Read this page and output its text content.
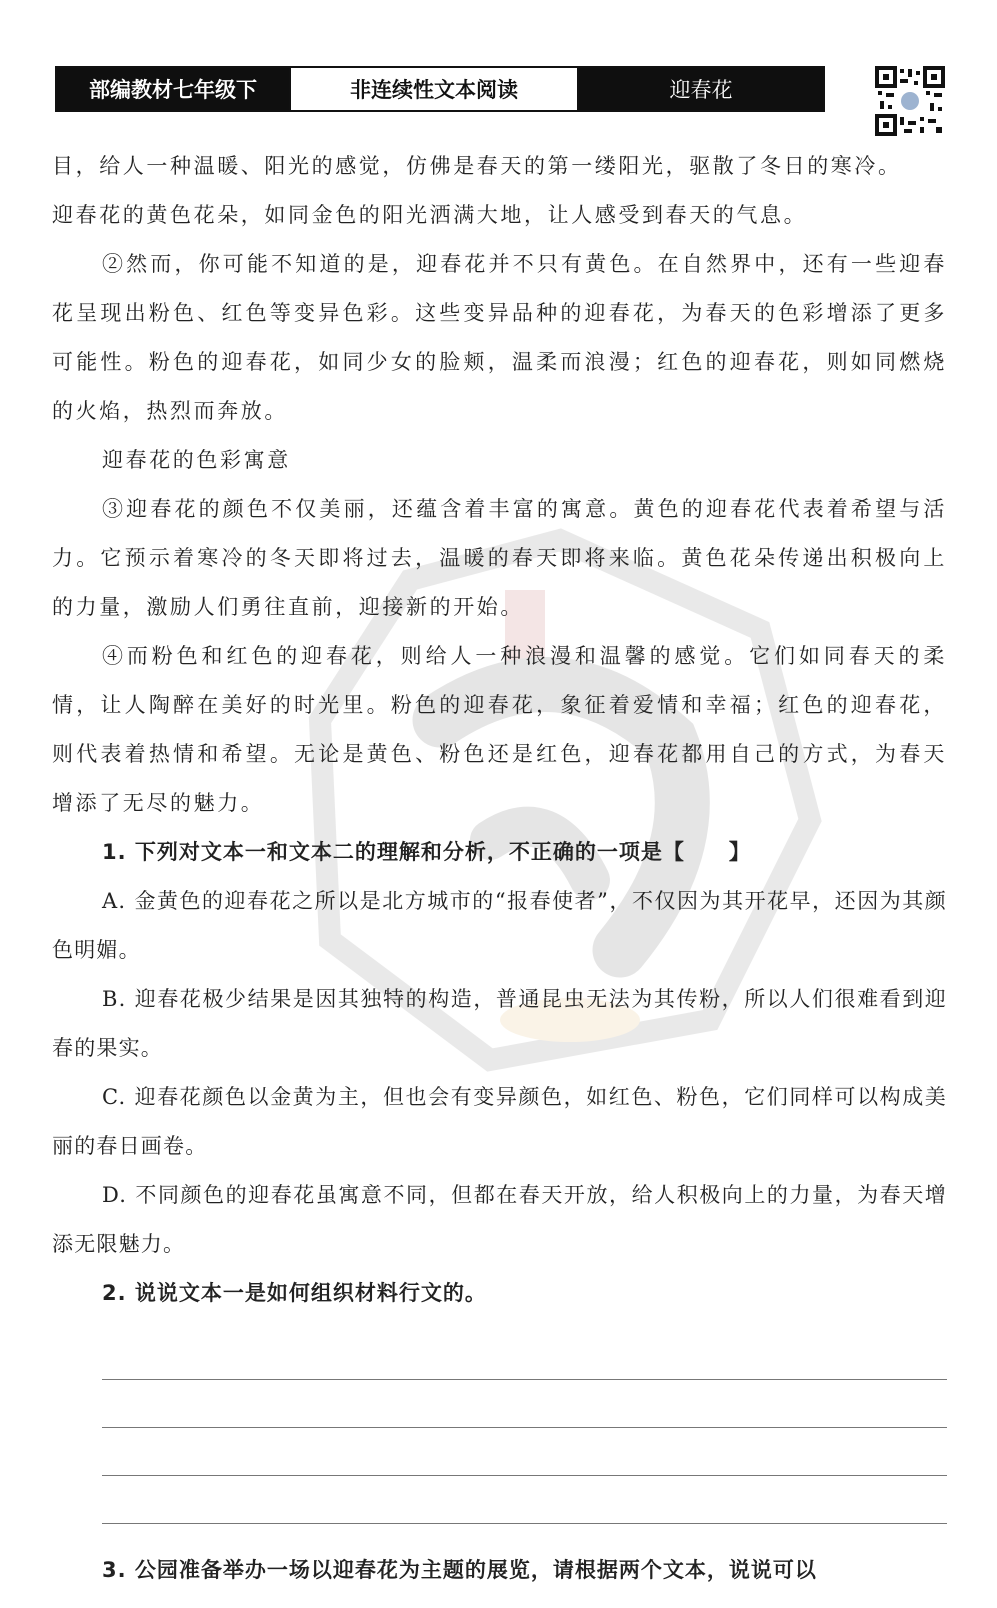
部编教材七年级下	非连续性文本阅读	迎春花

目，给人一种温暖、阳光的感觉，仿佛是春天的第一缕阳光，驱散了冬日的寒冷。

迎春花的黄色花朵，如同金色的阳光洒满大地，让人感受到春天的气息。

②然而，你可能不知道的是，迎春花并不只有黄色。在自然界中，还有一些迎春花呈现出粉色、红色等变异色彩。这些变异品种的迎春花，为春天的色彩增添了更多可能性。粉色的迎春花，如同少女的脸颊，温柔而浪漫；红色的迎春花，则如同燃烧的火焰，热烈而奔放。

迎春花的色彩寓意

③迎春花的颜色不仅美丽，还蕴含着丰富的寓意。黄色的迎春花代表着希望与活力。它预示着寒冷的冬天即将过去，温暖的春天即将来临。黄色花朵传递出积极向上的力量，激励人们勇往直前，迎接新的开始。

④而粉色和红色的迎春花，则给人一种浪漫和温馨的感觉。它们如同春天的柔情，让人陶醉在美好的时光里。粉色的迎春花，象征着爱情和幸福；红色的迎春花，则代表着热情和希望。无论是黄色、粉色还是红色，迎春花都用自己的方式，为春天增添了无尽的魅力。

1. 下列对文本一和文本二的理解和分析，不正确的一项是【　　】

A. 金黄色的迎春花之所以是北方城市的“报春使者”，不仅因为其开花早，还因为其颜色明媚。

B. 迎春花极少结果是因其独特的构造，普通昆虫无法为其传粉，所以人们很难看到迎春的果实。

C. 迎春花颜色以金黄为主，但也会有变异颜色，如红色、粉色，它们同样可以构成美丽的春日画卷。

D. 不同颜色的迎春花虽寓意不同，但都在春天开放，给人积极向上的力量，为春天增添无限魅力。

2. 说说文本一是如何组织材料行文的。

3. 公园准备举办一场以迎春花为主题的展览，请根据两个文本，说说可以
